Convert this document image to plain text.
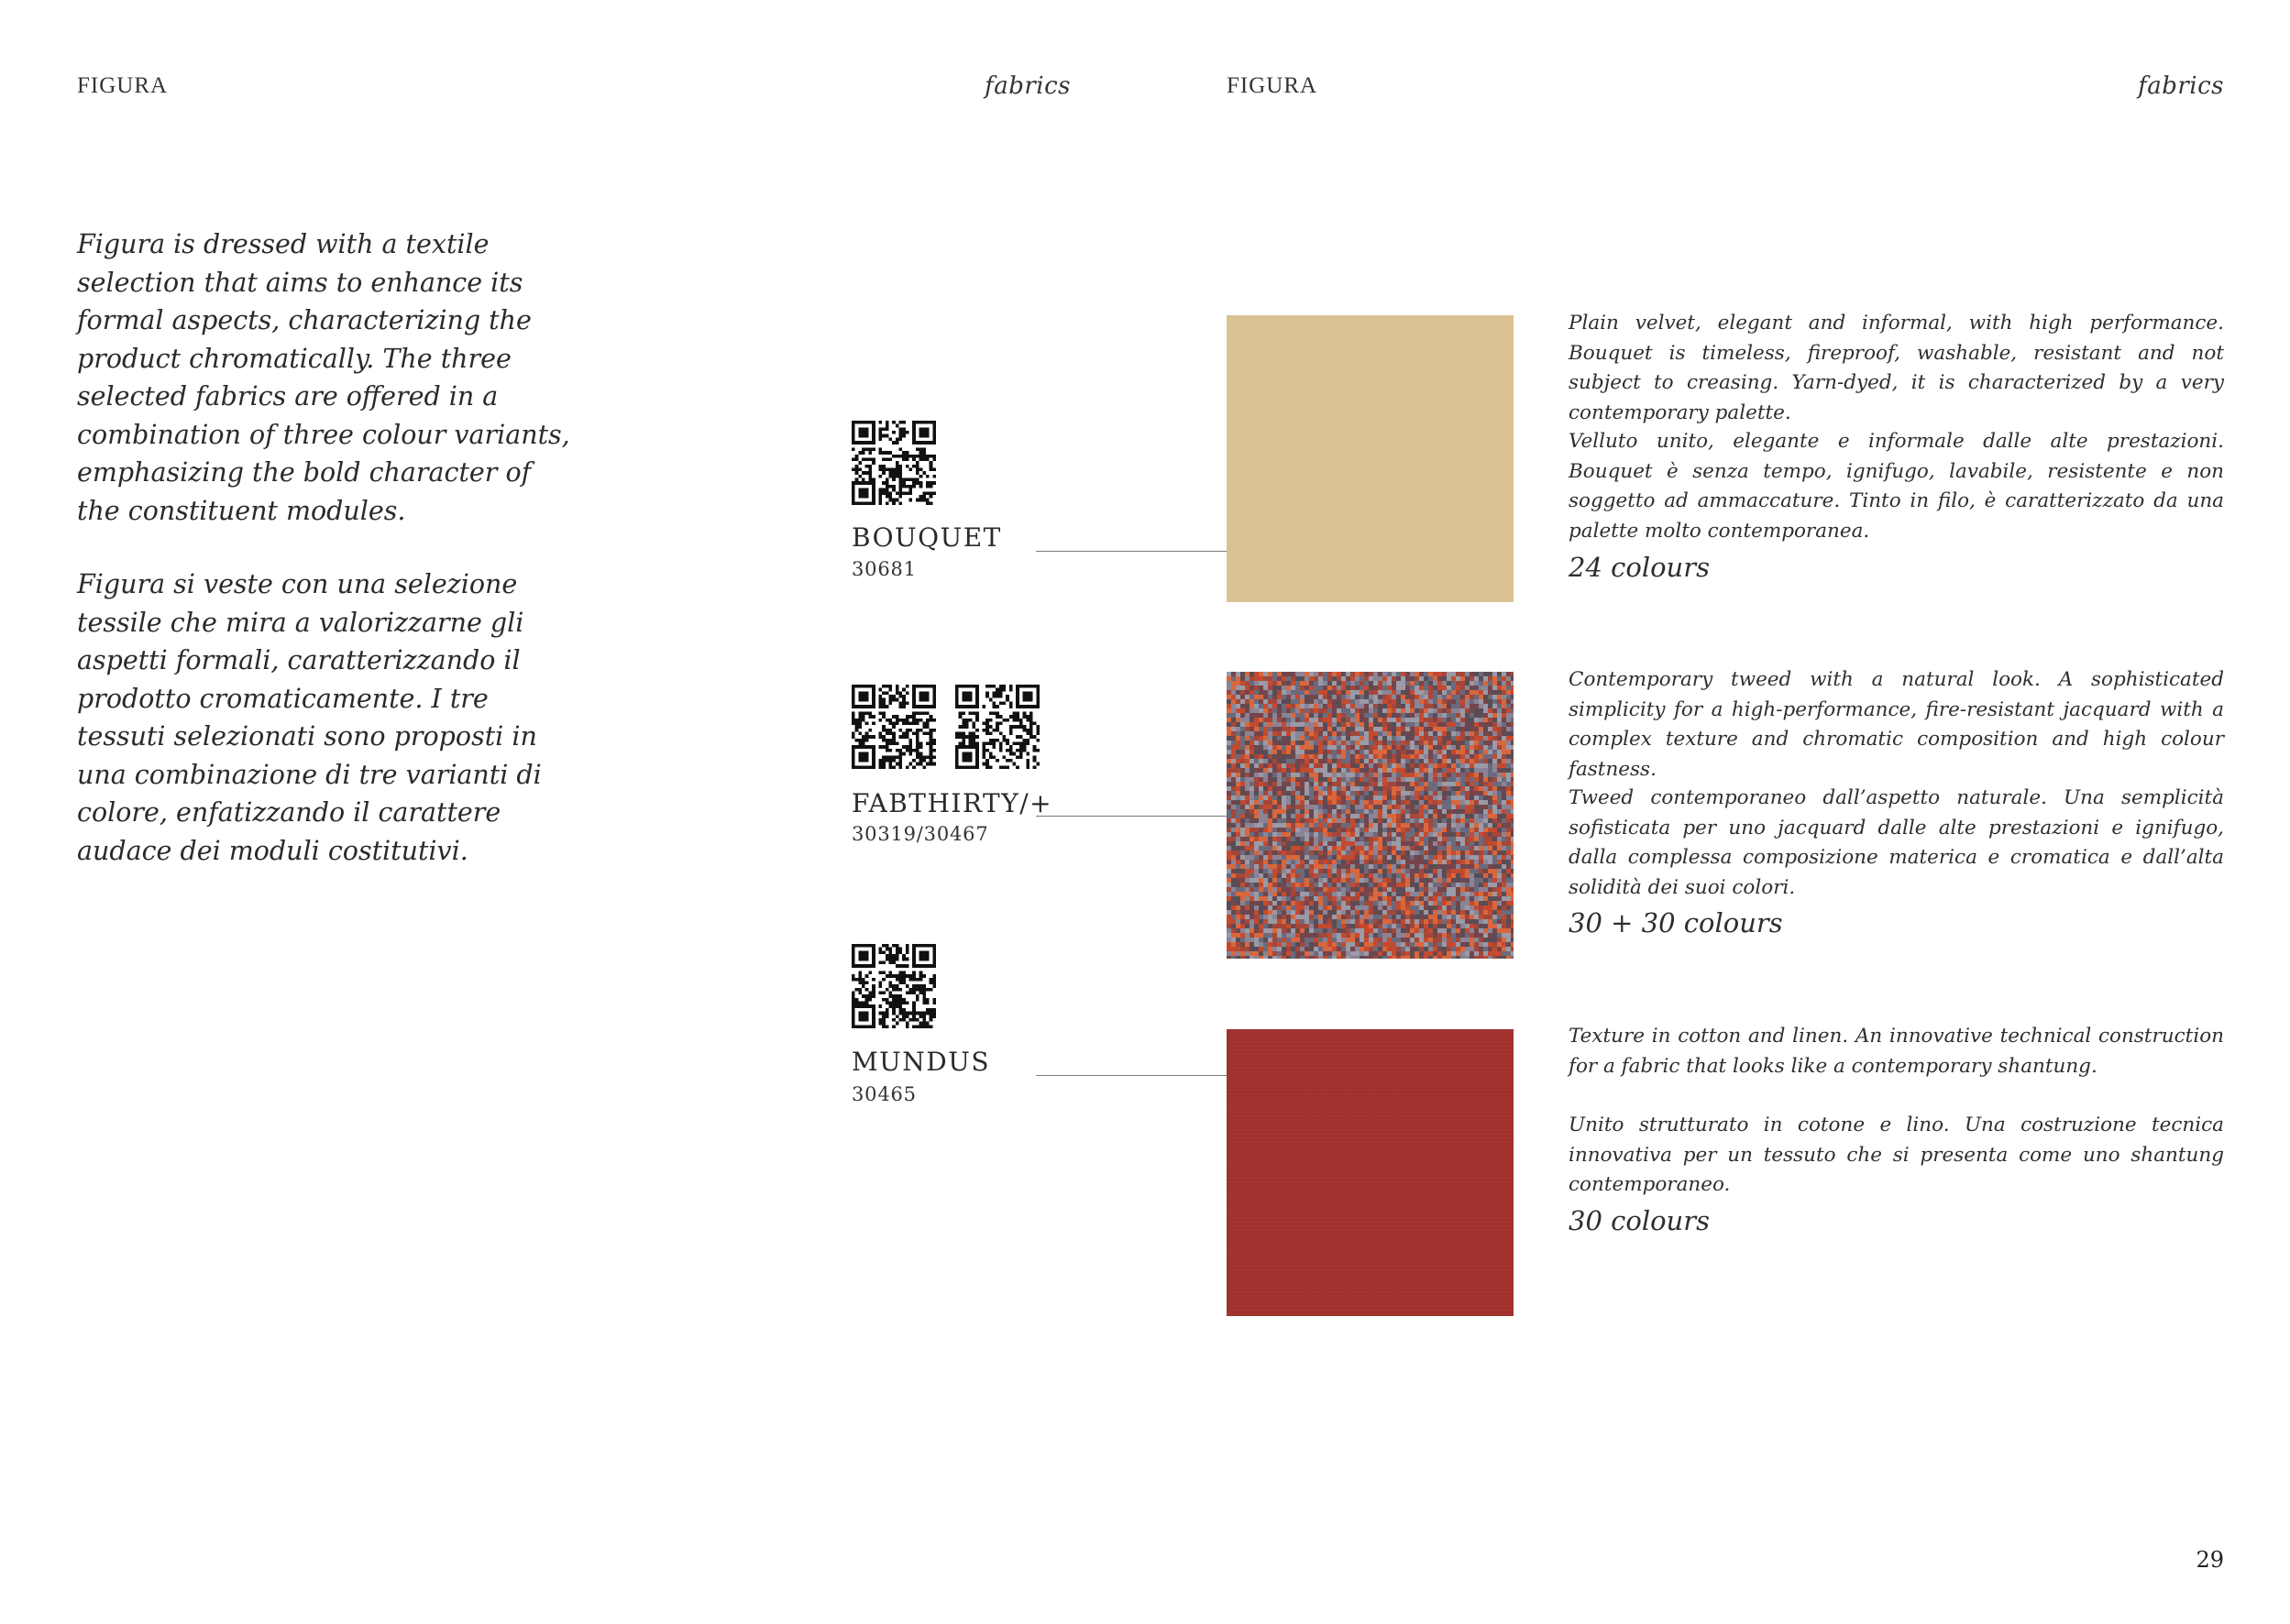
FIGURA	fabrics	FIGURA	fabrics

Figura is dressed with a textile selection that aims to enhance its formal aspects, characterizing the product chromatically. The three selected fabrics are offered in a combination of three colour variants, emphasizing the bold character of the constituent modules.

Figura si veste con una selezione tessile che mira a valorizzarne gli aspetti formali, caratterizzando il prodotto cromaticamente. I tre tessuti selezionati sono proposti in una combinazione di tre varianti di colore, enfatizzando il carattere audace dei moduli costitutivi.

BOUQUET
30681
FABTHIRTY/+
30319/30467
MUNDUS
30465

Plain velvet, elegant and informal, with high performance. Bouquet is timeless, fireproof, washable, resistant and not subject to creasing. Yarn-dyed, it is characterized by a very contemporary palette.

Velluto unito, elegante e informale dalle alte prestazioni. Bouquet è senza tempo, ignifugo, lavabile, resistente e non soggetto ad ammaccature. Tinto in filo, è caratterizzato da una palette molto contemporanea.

24 colours

Contemporary tweed with a natural look. A sophisticated simplicity for a high-performance, fire-resistant jacquard with a complex texture and chromatic composition and high colour fastness.

Tweed contemporaneo dall’aspetto naturale. Una semplicità sofisticata per uno jacquard dalle alte prestazioni e ignifugo, dalla complessa composizione materica e cromatica e dall’alta solidità dei suoi colori.

30 + 30 colours

Texture in cotton and linen. An innovative technical construction for a fabric that looks like a contemporary shantung.

Unito strutturato in cotone e lino. Una costruzione tecnica innovativa per un tessuto che si presenta come uno shantung contemporaneo.

30 colours
29
